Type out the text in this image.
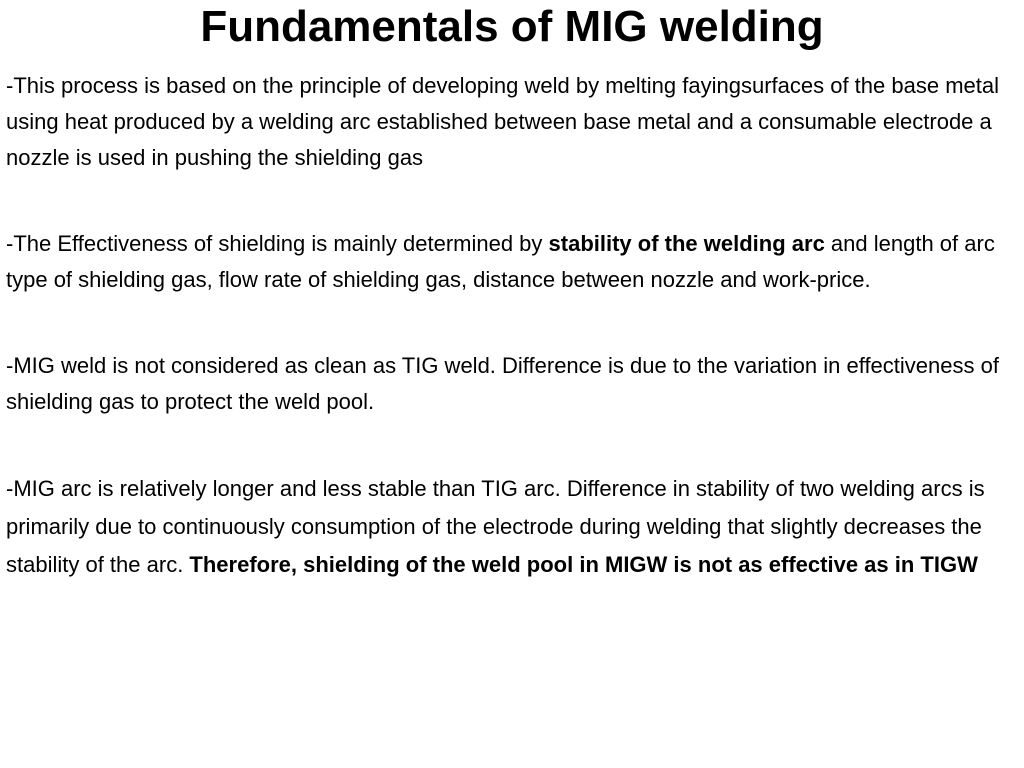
Fundamentals of MIG welding

-This process is based on the principle of developing weld by melting fayingsurfaces of the base metal using heat produced by a welding arc established between base metal and a consumable electrode a nozzle is used in pushing the shielding gas

-The Effectiveness of shielding is mainly determined by stability of the welding arc and length of arc type of shielding gas, flow rate of shielding gas, distance between nozzle and work-price.

-MIG weld is not considered as clean as TIG weld. Difference is due to the variation in effectiveness of shielding gas to protect the weld pool.

-MIG arc is relatively longer and less stable than TIG arc. Difference in stability of two welding arcs is primarily due to continuously consumption of the electrode during welding that slightly decreases the stability of the arc. Therefore, shielding of the weld pool in MIGW is not as effective as in TIGW
